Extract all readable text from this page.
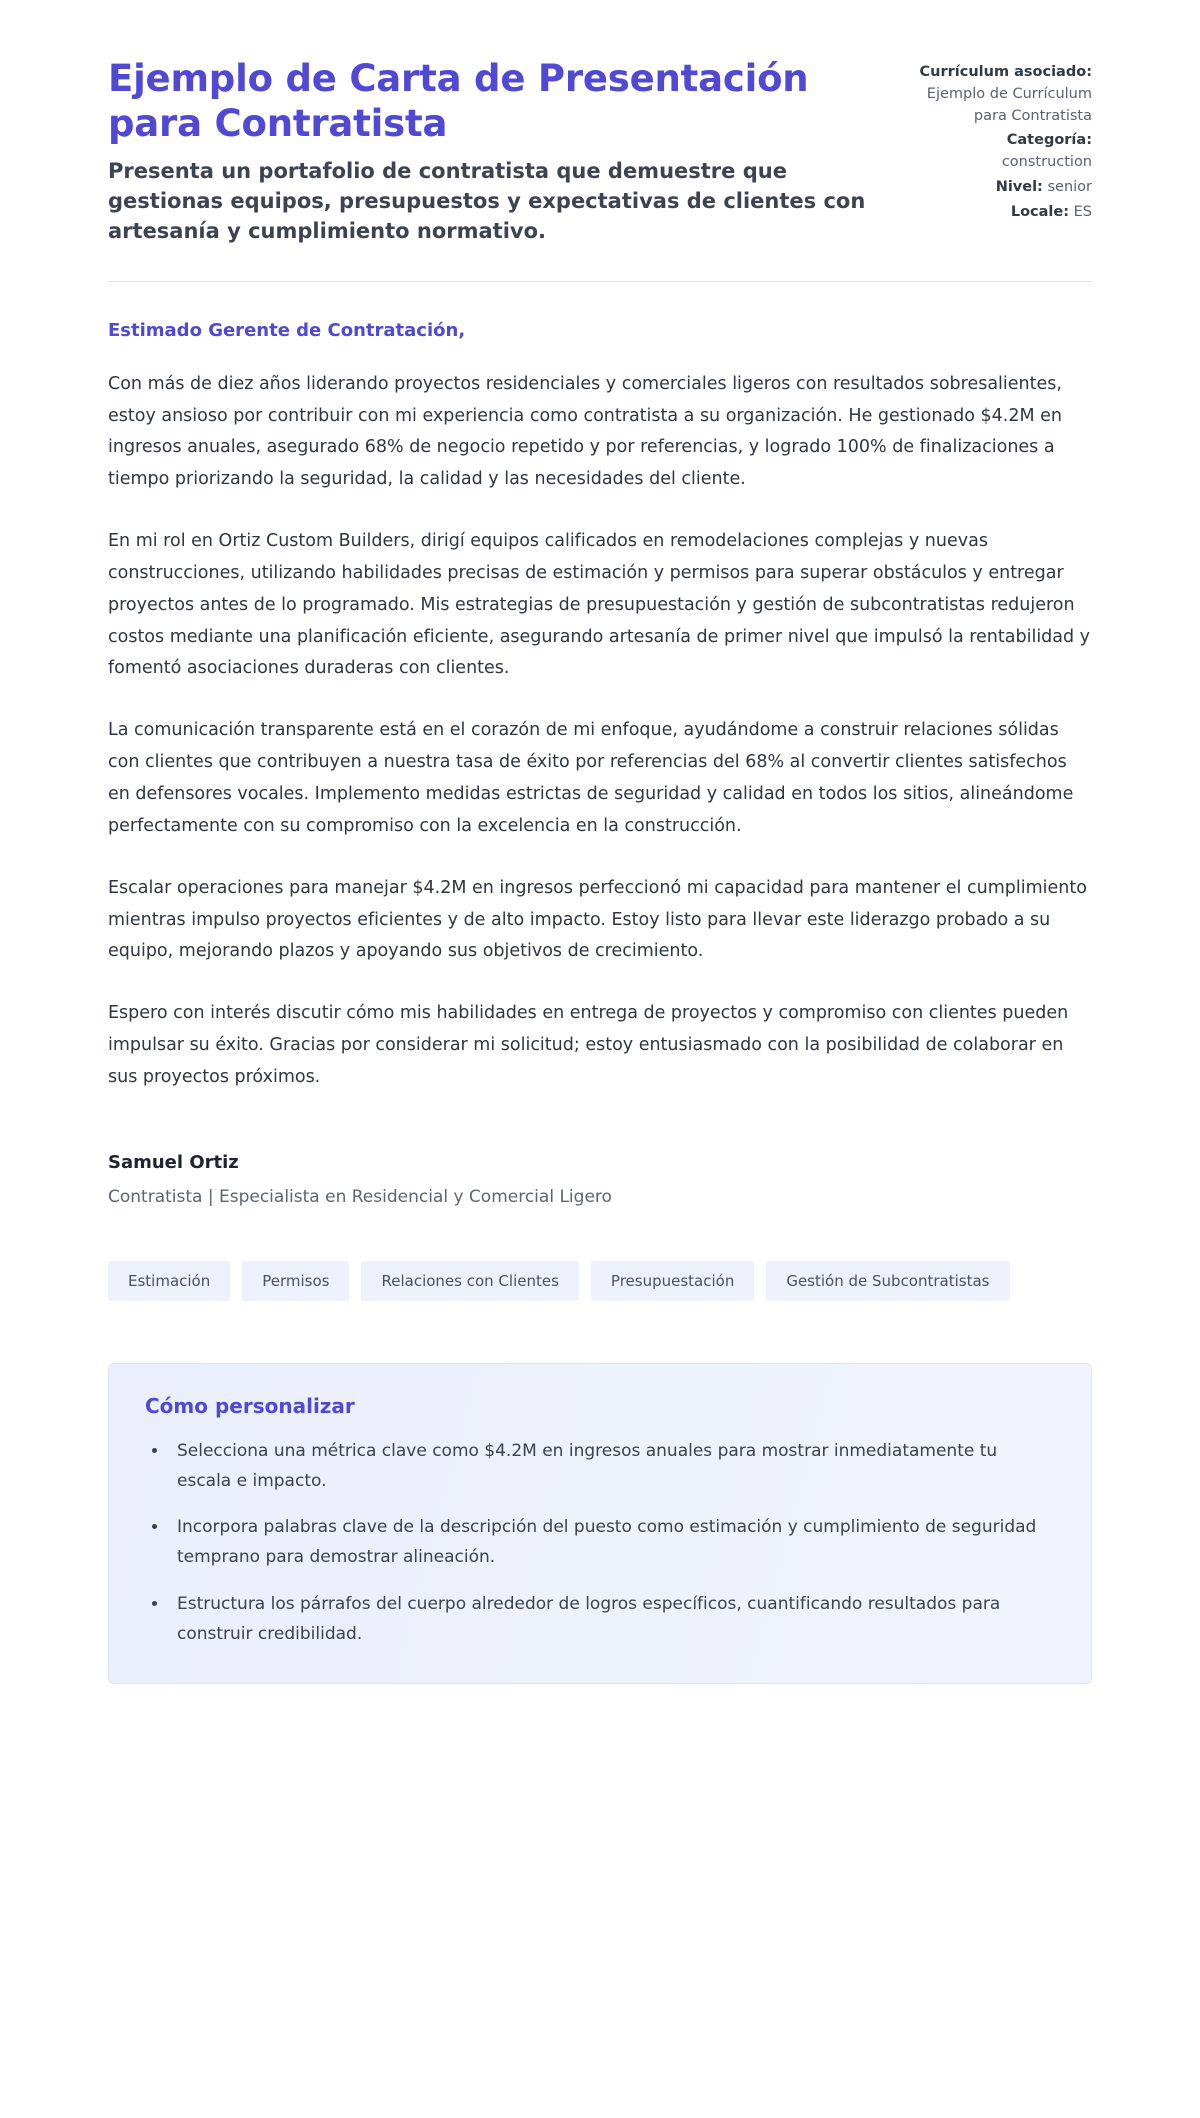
Ejemplo de Carta de Presentación para Contratista

Presenta un portafolio de contratista que demuestre que gestionas equipos, presupuestos y expectativas de clientes con artesanía y cumplimiento normativo.

Currículum asociado: Ejemplo de Currículum para Contratista
Categoría: construction
Nivel: senior
Locale: ES

Estimado Gerente de Contratación,

Con más de diez años liderando proyectos residenciales y comerciales ligeros con resultados sobresalientes, estoy ansioso por contribuir con mi experiencia como contratista a su organización. He gestionado $4.2M en ingresos anuales, asegurado 68% de negocio repetido y por referencias, y logrado 100% de finalizaciones a tiempo priorizando la seguridad, la calidad y las necesidades del cliente.

En mi rol en Ortiz Custom Builders, dirigí equipos calificados en remodelaciones complejas y nuevas construcciones, utilizando habilidades precisas de estimación y permisos para superar obstáculos y entregar proyectos antes de lo programado. Mis estrategias de presupuestación y gestión de subcontratistas redujeron costos mediante una planificación eficiente, asegurando artesanía de primer nivel que impulsó la rentabilidad y fomentó asociaciones duraderas con clientes.

La comunicación transparente está en el corazón de mi enfoque, ayudándome a construir relaciones sólidas con clientes que contribuyen a nuestra tasa de éxito por referencias del 68% al convertir clientes satisfechos en defensores vocales. Implemento medidas estrictas de seguridad y calidad en todos los sitios, alineándome perfectamente con su compromiso con la excelencia en la construcción.

Escalar operaciones para manejar $4.2M en ingresos perfeccionó mi capacidad para mantener el cumplimiento mientras impulso proyectos eficientes y de alto impacto. Estoy listo para llevar este liderazgo probado a su equipo, mejorando plazos y apoyando sus objetivos de crecimiento.

Espero con interés discutir cómo mis habilidades en entrega de proyectos y compromiso con clientes pueden impulsar su éxito. Gracias por considerar mi solicitud; estoy entusiasmado con la posibilidad de colaborar en sus proyectos próximos.

Samuel Ortiz

Contratista | Especialista en Residencial y Comercial Ligero

Estimación	Permisos	Relaciones con Clientes	Presupuestación	Gestión de Subcontratistas
Cómo personalizar
• Selecciona una métrica clave como $4.2M en ingresos anuales para mostrar inmediatamente tu escala e impacto.
• Incorpora palabras clave de la descripción del puesto como estimación y cumplimiento de seguridad temprano para demostrar alineación.
• Estructura los párrafos del cuerpo alrededor de logros específicos, cuantificando resultados para construir credibilidad.
